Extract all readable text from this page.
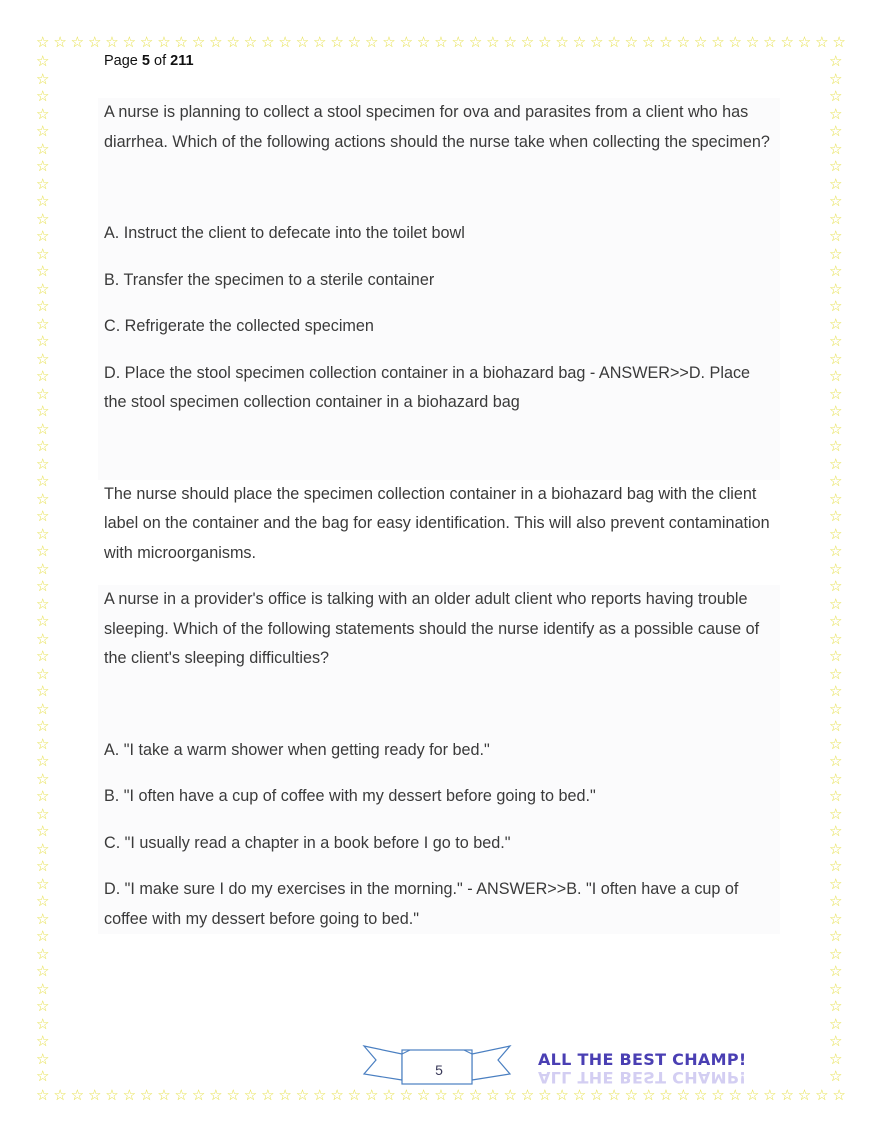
☆ ☆ ☆ ☆ ☆ ☆ ☆ ☆ ☆ ☆ ☆ ☆ ☆ ☆ ☆ ☆ ☆ ☆ ☆ ☆ ☆ ☆ ☆ ☆ ☆ ☆ ☆ ☆ ☆ ☆ ☆ ☆ ☆ ☆ ☆ ☆ ☆ ☆ ☆ ☆ ☆ ☆ ☆ ☆ ☆ ☆ ☆
☆ ☆ ☆ ☆ ☆ ☆ ☆ ☆ ☆ ☆ ☆ ☆ ☆ ☆ ☆ ☆ ☆ ☆ ☆ ☆ ☆ ☆ ☆ ☆ ☆ ☆ ☆ ☆ ☆ ☆ ☆ ☆ ☆ ☆ ☆ ☆ ☆ ☆ ☆ ☆ ☆ ☆ ☆ ☆ ☆ ☆ ☆
☆
☆
☆
☆
☆
☆
☆
☆
☆
☆
☆
☆
☆
☆
☆
☆
☆
☆
☆
☆
☆
☆
☆
☆
☆
☆
☆
☆
☆
☆
☆
☆
☆
☆
☆
☆
☆
☆
☆
☆
☆
☆
☆
☆
☆
☆
☆
☆
☆
☆
☆
☆
☆
☆
☆
☆
☆
☆
☆
☆
☆
☆
☆
☆
☆
☆
☆
☆
☆
☆
☆
☆
☆
☆
☆
☆
☆
☆
☆
☆
☆
☆
☆
☆
☆
☆
☆
☆
☆
☆
☆
☆
☆
☆
☆
☆
☆
☆
☆
☆
☆
☆
☆
☆
☆
☆
☆
☆
☆
☆
☆
☆
☆
☆
☆
☆
☆
☆
Page 5 of 211

A nurse is planning to collect a stool specimen for ova and parasites from a client who has diarrhea. Which of the following actions should the nurse take when collecting the specimen?

A. Instruct the client to defecate into the toilet bowl

B. Transfer the specimen to a sterile container

C. Refrigerate the collected specimen

D. Place the stool specimen collection container in a biohazard bag - ANSWER>>D. Place the stool specimen collection container in a biohazard bag

The nurse should place the specimen collection container in a biohazard bag with the client label on the container and the bag for easy identification. This will also prevent contamination with microorganisms.

A nurse in a provider's office is talking with an older adult client who reports having trouble sleeping. Which of the following statements should the nurse identify as a possible cause of the client's sleeping difficulties?

A. "I take a warm shower when getting ready for bed."

B. "I often have a cup of coffee with my dessert before going to bed."

C. "I usually read a chapter in a book before I go to bed."

D. "I make sure I do my exercises in the morning." - ANSWER>>B. "I often have a cup of coffee with my dessert before going to bed."

5
ALL THE BEST CHAMP!
ALL THE BEST CHAMP!
